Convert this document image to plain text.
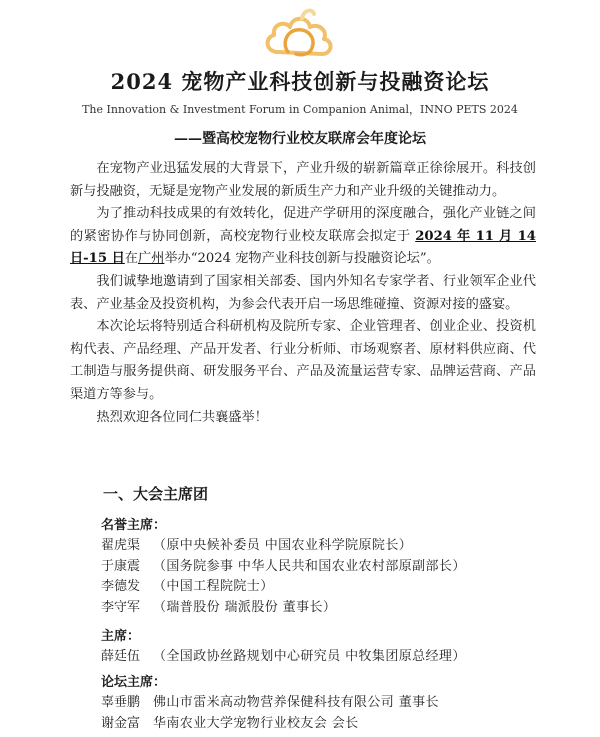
2024 宠物产业科技创新与投融资论坛
The Innovation & Investment Forum in Companion Animal，INNO PETS 2024
——暨高校宠物行业校友联席会年度论坛

在宠物产业迅猛发展的大背景下，产业升级的崭新篇章正徐徐展开。科技创新与投融资，无疑是宠物产业发展的新质生产力和产业升级的关键推动力。

为了推动科技成果的有效转化，促进产学研用的深度融合，强化产业链之间的紧密协作与协同创新，高校宠物行业校友联席会拟定于 2024 年 11 月 14 日-15 日在广州举办“2024 宠物产业科技创新与投融资论坛”。

我们诚挚地邀请到了国家相关部委、国内外知名专家学者、行业领军企业代表、产业基金及投资机构，为参会代表开启一场思维碰撞、资源对接的盛宴。

本次论坛将特别适合科研机构及院所专家、企业管理者、创业企业、投资机构代表、产品经理、产品开发者、行业分析师、市场观察者、原材料供应商、代工制造与服务提供商、研发服务平台、产品及流量运营专家、品牌运营商、产品渠道方等参与。

热烈欢迎各位同仁共襄盛举！

一、大会主席团
名誉主席：
翟虎渠 （原中央候补委员 中国农业科学院原院长）
于康震 （国务院参事 中华人民共和国农业农村部原副部长）
李德发 （中国工程院院士）
李守军 （瑞普股份 瑞派股份 董事长）
主席：
薛廷伍 （全国政协丝路规划中心研究员 中牧集团原总经理）
论坛主席：
辜垂鹏 佛山市雷米高动物营养保健科技有限公司 董事长
谢金富 华南农业大学宠物行业校友会 会长
